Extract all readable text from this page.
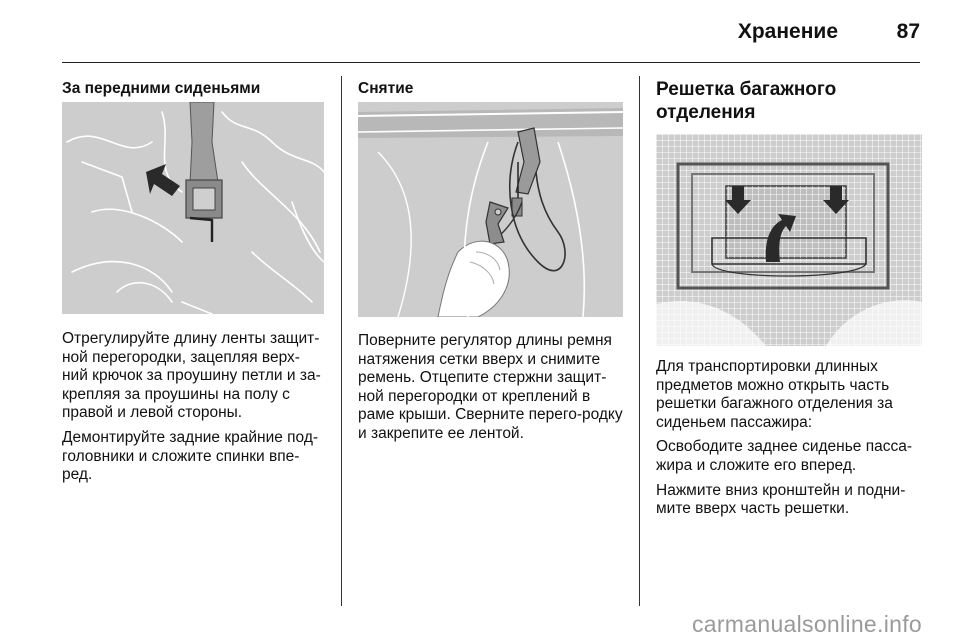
Хранение	87
За передними сиденьями

Отрегулируйте длину ленты защит-ной перегородки, зацепляя верх-ний крючок за проушину петли и за-крепляя за проушины на полу с правой и левой стороны.

Демонтируйте задние крайние под-головники и сложите спинки впе-ред.

Снятие

Поверните регулятор длины ремня натяжения сетки вверх и снимите ремень. Отцепите стержни защит-ной перегородки от креплений в раме крыши. Сверните перего-родку и закрепите ее лентой.

Решетка багажного отделения

Для транспортировки длинных предметов можно открыть часть решетки багажного отделения за сиденьем пассажира:

Освободите заднее сиденье пасса-жира и сложите его вперед.

Нажмите вниз кронштейн и подни-мите вверх часть решетки.

carmanualsonline.info
